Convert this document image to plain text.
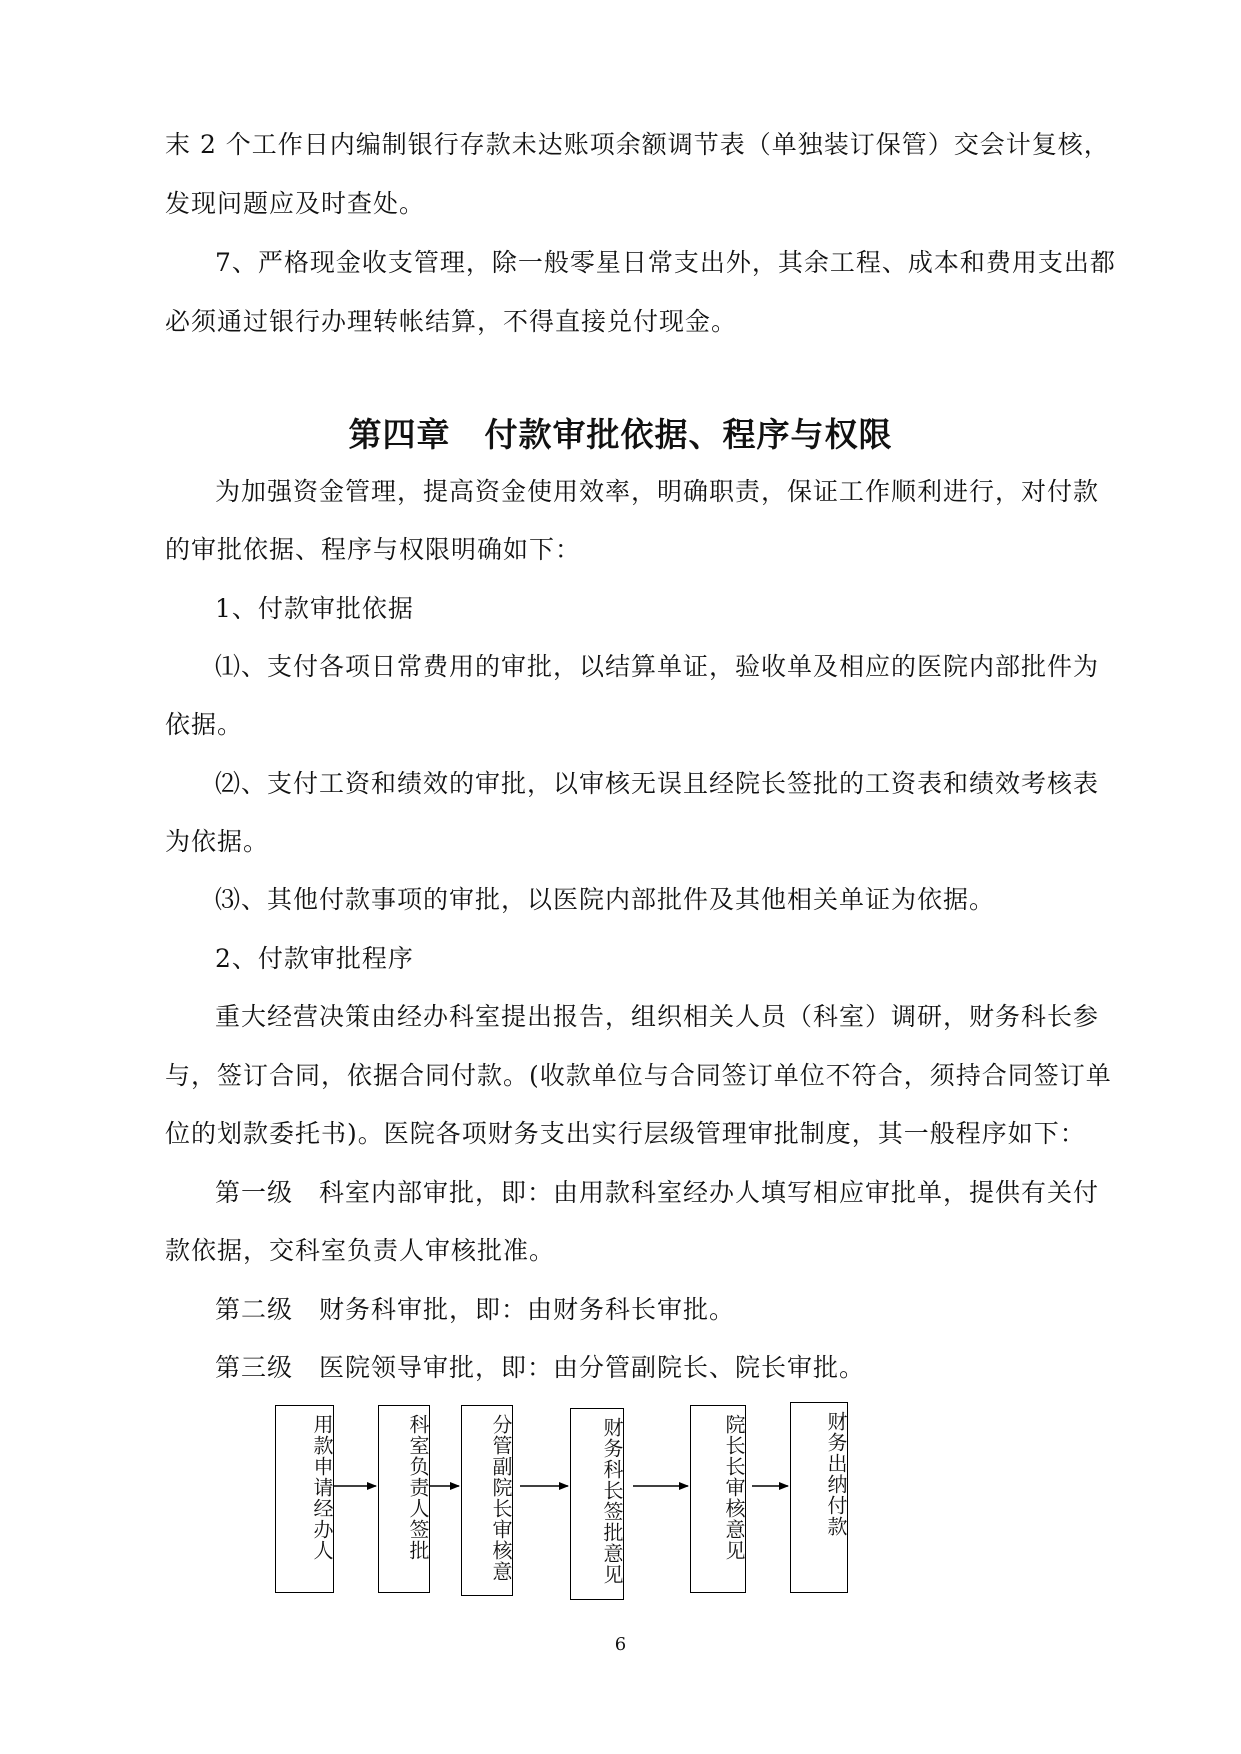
末 2 个工作日内编制银行存款未达账项余额调节表（单独装订保管）交会计复核，
发现问题应及时查处。
7、严格现金收支管理，除一般零星日常支出外，其余工程、成本和费用支出都
必须通过银行办理转帐结算，不得直接兑付现金。
第四章　付款审批依据、程序与权限
为加强资金管理，提高资金使用效率，明确职责，保证工作顺利进行，对付款
的审批依据、程序与权限明确如下：
1、付款审批依据
⑴、支付各项日常费用的审批，以结算单证，验收单及相应的医院内部批件为
依据。
⑵、支付工资和绩效的审批，以审核无误且经院长签批的工资表和绩效考核表
为依据。
⑶、其他付款事项的审批，以医院内部批件及其他相关单证为依据。
2、付款审批程序
重大经营决策由经办科室提出报告，组织相关人员（科室）调研，财务科长参
与，签订合同，依据合同付款。(收款单位与合同签订单位不符合，须持合同签订单
位的划款委托书)。医院各项财务支出实行层级管理审批制度，其一般程序如下：
第一级　科室内部审批，即：由用款科室经办人填写相应审批单，提供有关付
款依据，交科室负责人审核批准。
第二级　财务科审批，即：由财务科长审批。
第三级　医院领导审批，即：由分管副院长、院长审批。
用款申请经办人	科室负责人签批	分管副院长审核意	财务科长签批意见	院长长审核意见	财务出纳付款
6
